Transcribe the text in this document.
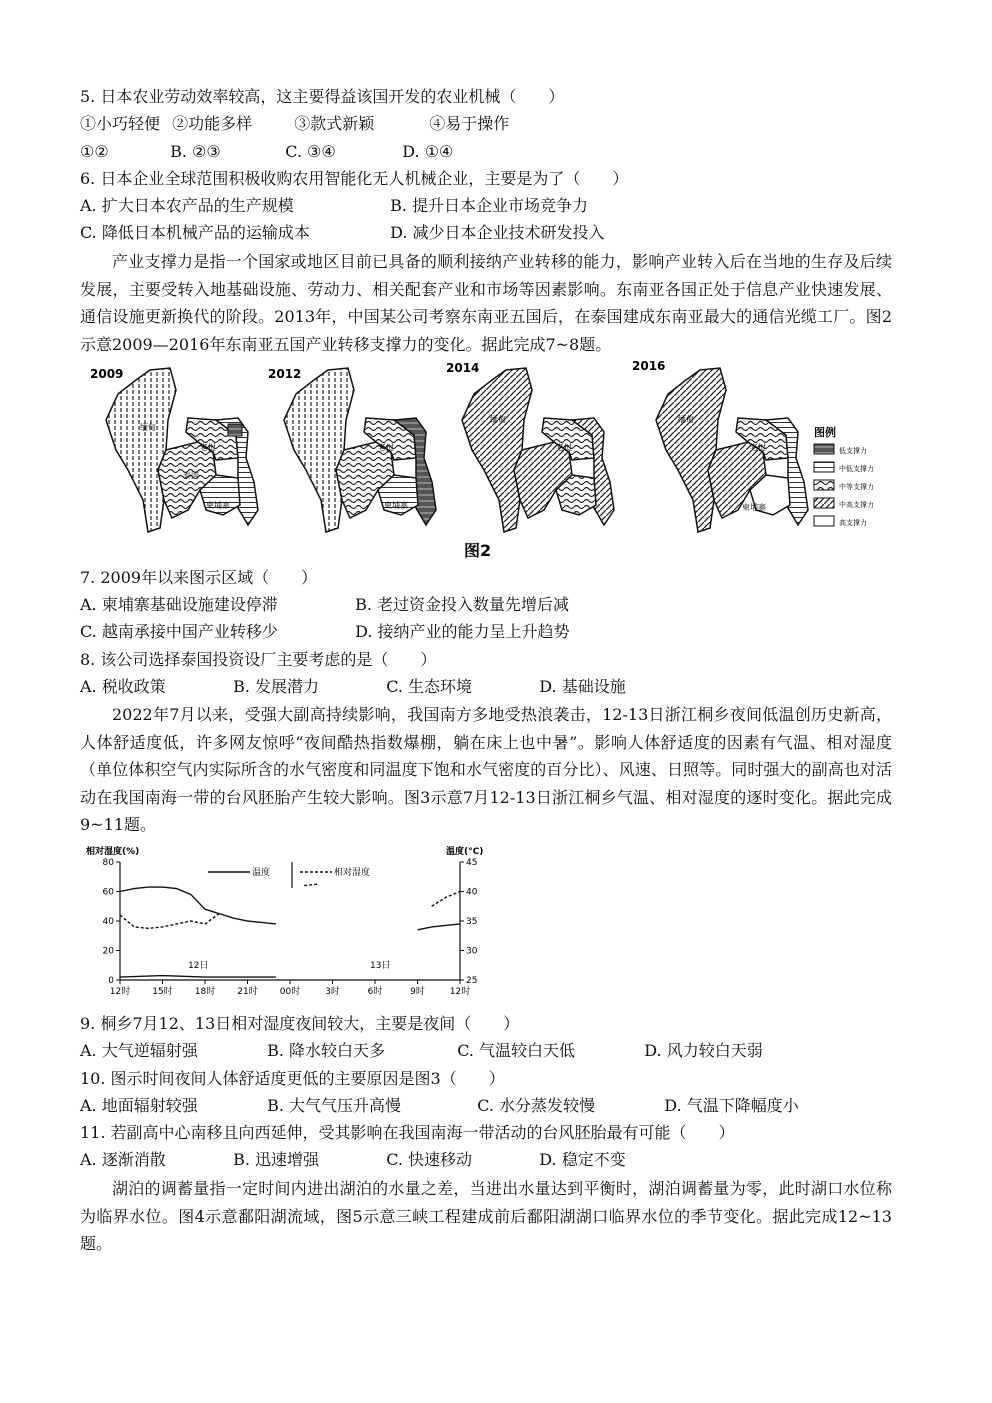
5. 日本农业劳动效率较高，这主要得益该国开发的农业机械（　　）
①小巧轻便 ②功能多样	③款式新颖	④易于操作
①②	B. ②③	C. ③④	D. ①④
6. 日本企业全球范围积极收购农用智能化无人机械企业，主要是为了（　　）
A. 扩大日本农产品的生产规模	B. 提升日本企业市场竞争力
C. 降低日本机械产品的运输成本	D. 减少日本企业技术研发投入
产业支撑力是指一个国家或地区目前已具备的顺利接纳产业转移的能力，影响产业转入后在当地的生存及后续发展，主要受转入地基础设施、劳动力、相关配套产业和市场等因素影响。东南亚各国正处于信息产业快速发展、通信设施更新换代的阶段。2013年，中国某公司考察东南亚五国后，在泰国建成东南亚最大的通信光缆工厂。图2示意2009—2016年东南亚五国产业转移支撑力的变化。据此完成7~8题。
2009
缅甸
泰国
老挝
柬埔寨
2012
老挝
柬埔寨
2014
缅甸
老挝
2016
缅甸
老挝
柬埔寨
图例
低支撑力
中低支撑力
中等支撑力
中高支撑力
高支撑力
图2
7. 2009年以来图示区域（　　）
A. 柬埔寨基础设施建设停滞	B. 老过资金投入数量先增后减
C. 越南承接中国产业转移少	D. 接纳产业的能力呈上升趋势
8. 该公司选择泰国投资设厂主要考虑的是（　　）
A. 税收政策	B. 发展潜力	C. 生态环境	D. 基础设施
2022年7月以来，受强大副高持续影响，我国南方多地受热浪袭击，12-13日浙江桐乡夜间低温创历史新高，人体舒适度低，许多网友惊呼“夜间酷热指数爆棚，躺在床上也中暑”。影响人体舒适度的因素有气温、相对湿度（单位体积空气内实际所含的水气密度和同温度下饱和水气密度的百分比）、风速、日照等。同时强大的副高也对活动在我国南海一带的台风胚胎产生较大影响。图3示意7月12-13日浙江桐乡气温、相对湿度的逐时变化。据此完成9~11题。
相对湿度(%)	温度(°C)
温度	相对湿度
12日	13日
0
20
40
60
80
25
30
35
40
45
12时 15时 18时 21时 00时	3时	6时	9时	12时
9. 桐乡7月12、13日相对湿度夜间较大，主要是夜间（　　）
A. 大气逆辐射强	B. 降水较白天多	C. 气温较白天低	D. 风力较白天弱
10. 图示时间夜间人体舒适度更低的主要原因是图3（　　）
A. 地面辐射较强	B. 大气气压升高慢	C. 水分蒸发较慢	D. 气温下降幅度小
11. 若副高中心南移且向西延伸，受其影响在我国南海一带活动的台风胚胎最有可能（　　）
A. 逐渐消散	B. 迅速增强	C. 快速移动	D. 稳定不变
湖泊的调蓄量指一定时间内进出湖泊的水量之差，当进出水量达到平衡时，湖泊调蓄量为零，此时湖口水位称为临界水位。图4示意鄱阳湖流域，图5示意三峡工程建成前后鄱阳湖湖口临界水位的季节变化。据此完成12~13题。
